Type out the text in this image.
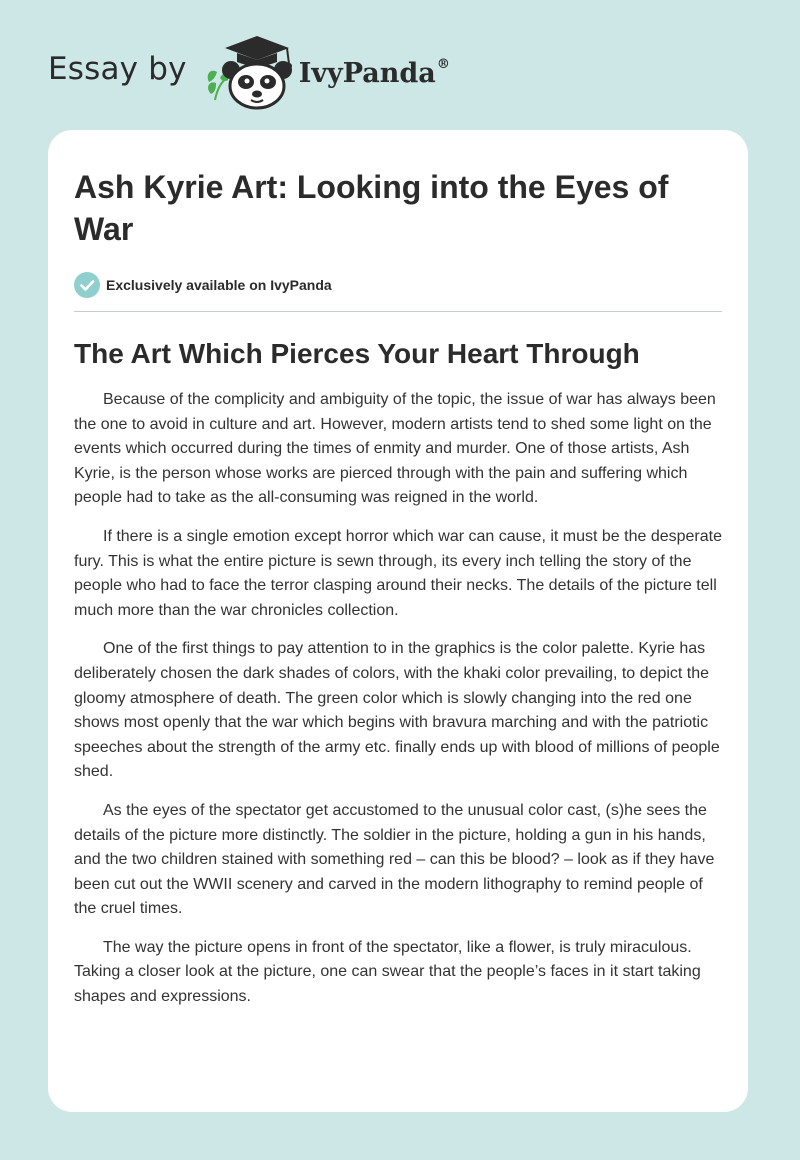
Essay by	IvyPanda®
Ash Kyrie Art: Looking into the Eyes of War
Exclusively available on IvyPanda
The Art Which Pierces Your Heart Through

Because of the complicity and ambiguity of the topic, the issue of war has always been the one to avoid in culture and art. However, modern artists tend to shed some light on the events which occurred during the times of enmity and murder. One of those artists, Ash Kyrie, is the person whose works are pierced through with the pain and suffering which people had to take as the all-consuming was reigned in the world.

If there is a single emotion except horror which war can cause, it must be the desperate fury. This is what the entire picture is sewn through, its every inch telling the story of the people who had to face the terror clasping around their necks. The details of the picture tell much more than the war chronicles collection.

One of the first things to pay attention to in the graphics is the color palette. Kyrie has deliberately chosen the dark shades of colors, with the khaki color prevailing, to depict the gloomy atmosphere of death. The green color which is slowly changing into the red one shows most openly that the war which begins with bravura marching and with the patriotic speeches about the strength of the army etc. finally ends up with blood of millions of people shed.

As the eyes of the spectator get accustomed to the unusual color cast, (s)he sees the details of the picture more distinctly. The soldier in the picture, holding a gun in his hands, and the two children stained with something red – can this be blood? – look as if they have been cut out the WWII scenery and carved in the modern lithography to remind people of the cruel times.

The way the picture opens in front of the spectator, like a flower, is truly miraculous. Taking a closer look at the picture, one can swear that the people’s faces in it start taking shapes and expressions.
